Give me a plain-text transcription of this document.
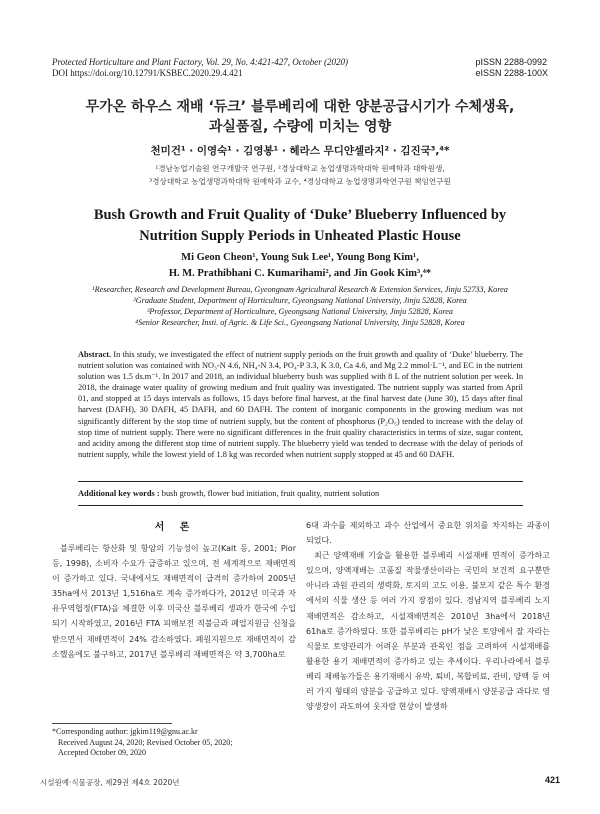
Protected Horticulture and Plant Factory, Vol. 29, No. 4:421-427, October (2020)
DOI https://doi.org/10.12791/KSBEC.2020.29.4.421
pISSN 2288-0992
eISSN 2288-100X
무가온 하우스 재배 ‘듀크’ 블루베리에 대한 양분공급시기가 수체생육,
과실품질, 수량에 미치는 영향
천미건¹ · 이영숙¹ · 김영봉¹ · 헤라스 무디얀셀라지² · 김진국³,⁴*
¹경남농업기술원 연구개발국 연구원, ²경상대학교 농업생명과학대학 원예학과 대학원생,
³경상대학교 농업생명과학대학 원예학과 교수, ⁴경상대학교 농업생명과학연구원 책임연구원
Bush Growth and Fruit Quality of ‘Duke’ Blueberry Influenced by
Nutrition Supply Periods in Unheated Plastic House
Mi Geon Cheon¹, Young Suk Lee¹, Young Bong Kim¹,
H. M. Prathibhani C. Kumarihami², and Jin Gook Kim³,⁴*
¹Researcher, Research and Development Bureau, Gyeongnam Agricultural Research & Extension Services, Jinju 52733, Korea
²Graduate Student, Department of Horticulture, Gyeongsang National University, Jinju 52828, Korea
³Professor, Department of Horticulture, Gyeongsang National University, Jinju 52828, Korea
⁴Senior Researcher, Insti. of Agric. & Life Sci., Gyeongsang National University, Jinju 52828, Korea
Abstract. In this study, we investigated the effect of nutrient supply periods on the fruit growth and quality of ‘Duke’ blueberry. The nutrient solution was contained with NO₃-N 4.6, NH₄-N 3.4, PO₄-P 3.3, K 3.0, Ca 4.6, and Mg 2.2 mmol·L⁻¹, and EC in the nutrient solution was 1.5 ds.m⁻¹. In 2017 and 2018, an individual blueberry bush was supplied with 8 L of the nutrient solution per week. In 2018, the drainage water quality of growing medium and fruit quality was investigated. The nutrient supply was started from April 01, and stopped at 15 days intervals as follows, 15 days before final harvest, at the final harvest date (June 30), 15 days after final harvest (DAFH), 30 DAFH, 45 DAFH, and 60 DAFH. The content of inorganic components in the growing medium was not significantly different by the stop time of nutrient supply, but the content of phosphorus (P₂O₅) tended to increase with the delay of stop time of nutrient supply. There were no significant differences in the fruit quality characteristics in terms of size, sugar content, and acidity among the different stop time of nutrient supply. The blueberry yield was tended to decrease with the delay of periods of nutrient supply, while the lowest yield of 1.8 kg was recorded when nutrient supply stopped at 45 and 60 DAFH.
Additional key words : bush growth, flower bud initiation, fruit quality, nutrient solution
서 론

블루베리는 항산화 및 항암의 기능성이 높고(Kalt 등, 2001; Pior 등, 1998), 소비자 수요가 급증하고 있으며, 전 세계적으로 재배면적이 증가하고 있다. 국내에서도 재배면적이 급격히 증가하여 2005년 35ha에서 2013년 1,516ha로 계속 증가하다가, 2012년 미국과 자유무역협정(FTA)을 체결한 이후 미국산 블루베리 생과가 한국에 수입되기 시작하였고, 2016년 FTA 피해보전 직불금과 폐업지원금 신청을 받으면서 재배면적이 24% 감소하였다. 폐원지원으로 재배면적이 감소했음에도 불구하고, 2017년 블루베리 재배면적은 약 3,700ha로

6대 과수를 제외하고 과수 산업에서 중요한 위치를 차지하는 과종이 되었다.

최근 양액재배 기술을 활용한 블루베리 시설재배 면적이 증가하고 있으며, 양액재배는 고품질 작물생산이라는 국민의 보건적 요구뿐만 아니라 과원 관리의 생력화, 토지의 고도 이용, 불모지 같은 특수 환경에서의 식물 생산 등 여러 가지 장점이 있다. 경남지역 블루베리 노지 재배면적은 감소하고, 시설재배면적은 2010년 3ha에서 2018년 61ha로 증가하였다. 또한 블루베리는 pH가 낮은 토양에서 잘 자라는 식물로 토양관리가 어려운 부분과 관목인 점을 고려하여 시설재배를 활용한 용기 재배면적이 증가하고 있는 추세이다. 우리나라에서 블루베리 재배농가들은 용기재배시 유박, 퇴비, 복합비료, 관비, 양액 등 여러 가지 형태의 양분을 공급하고 있다. 양액재배시 양분공급 과다로 영양생장이 과도하여 웃자람 현상이 발생하

*Corresponding author: jgkim119@gnu.ac.kr
Received August 24, 2020; Revised October 05, 2020;
Accepted October 09, 2020
시설원예·식물공장, 제29권 제4호 2020년	421
